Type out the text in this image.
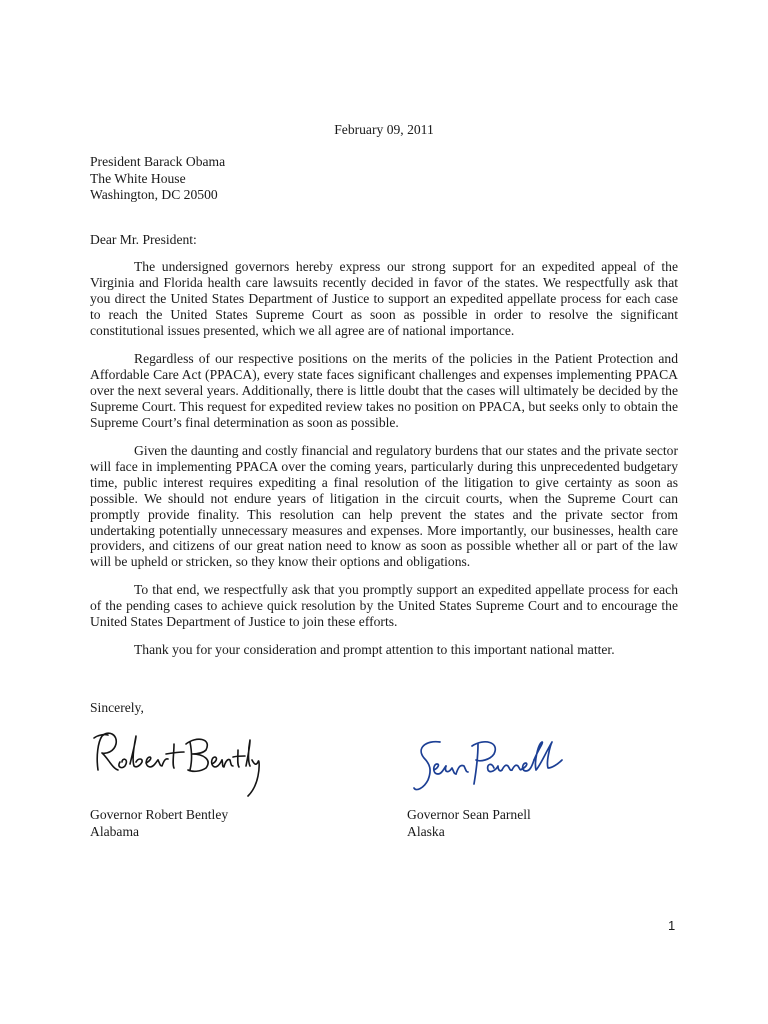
February 09, 2011
President Barack Obama
The White House
Washington, DC 20500
Dear Mr. President:

The undersigned governors hereby express our strong support for an expedited appeal of the Virginia and Florida health care lawsuits recently decided in favor of the states. We respectfully ask that you direct the United States Department of Justice to support an expedited appellate process for each case to reach the United States Supreme Court as soon as possible in order to resolve the significant constitutional issues presented, which we all agree are of national importance.

Regardless of our respective positions on the merits of the policies in the Patient Protection and Affordable Care Act (PPACA), every state faces significant challenges and expenses implementing PPACA over the next several years. Additionally, there is little doubt that the cases will ultimately be decided by the Supreme Court. This request for expedited review takes no position on PPACA, but seeks only to obtain the Supreme Court’s final determination as soon as possible.

Given the daunting and costly financial and regulatory burdens that our states and the private sector will face in implementing PPACA over the coming years, particularly during this unprecedented budgetary time, public interest requires expediting a final resolution of the litigation to give certainty as soon as possible. We should not endure years of litigation in the circuit courts, when the Supreme Court can promptly provide finality. This resolution can help prevent the states and the private sector from undertaking potentially unnecessary measures and expenses. More importantly, our businesses, health care providers, and citizens of our great nation need to know as soon as possible whether all or part of the law will be upheld or stricken, so they know their options and obligations.

To that end, we respectfully ask that you promptly support an expedited appellate process for each of the pending cases to achieve quick resolution by the United States Supreme Court and to encourage the United States Department of Justice to join these efforts.

Thank you for your consideration and prompt attention to this important national matter.

Sincerely,
Governor Robert Bentley
Alabama
Governor Sean Parnell
Alaska
1
